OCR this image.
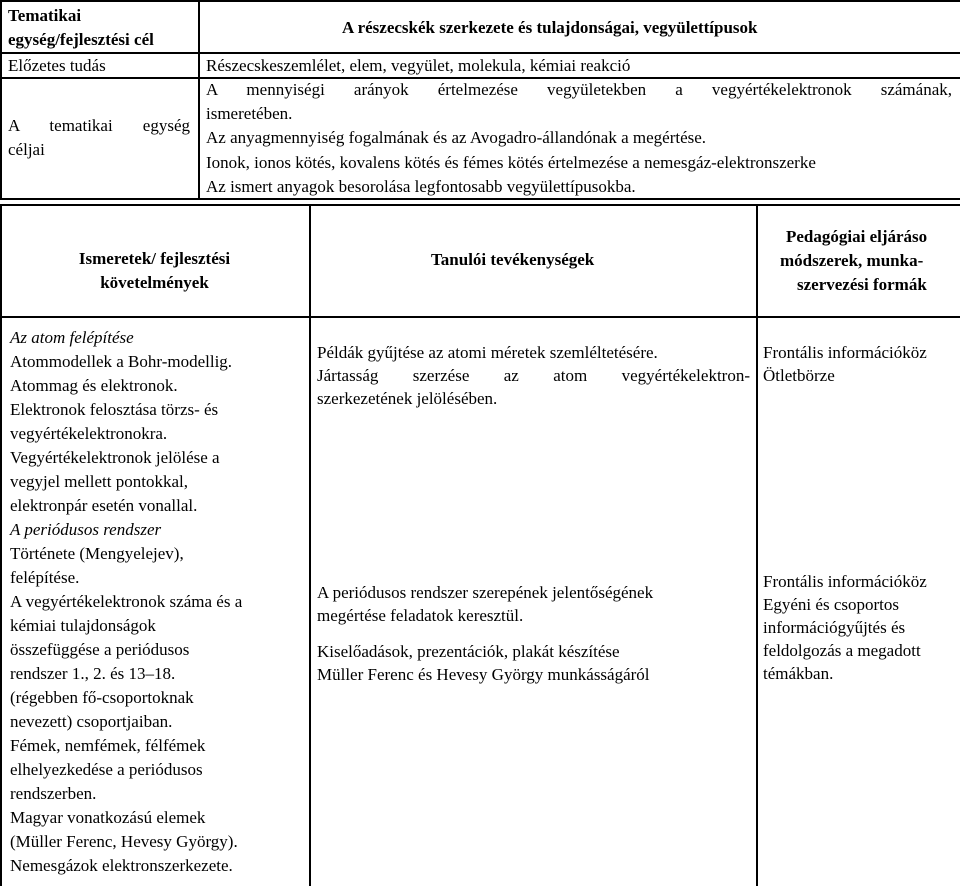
Tematikai
egység/fejlesztési cél
A részecskék szerkezete és tulajdonságai, vegyülettípusok
Előzetes tudás	Részecskeszemlélet, elem, vegyület, molekula, kémiai reakció
A tematikai egység
céljai
A mennyiségi arányok értelmezése vegyületekben a vegyértékelektronok számának,
ismeretében.
Az anyagmennyiség fogalmának és az Avogadro-állandónak a megértése.
Ionok, ionos kötés, kovalens kötés és fémes kötés értelmezése a nemesgáz-elektronszerke
Az ismert anyagok besorolása legfontosabb vegyülettípusokba.
Ismeretek/ fejlesztési
követelmények
Tanulói tevékenységek
Pedagógiai eljáráso
módszerek, munka-
szervezési formák
Az atom felépítése
Atommodellek a Bohr-modellig.
Atommag és elektronok.
Elektronok felosztása törzs- és
vegyértékelektronokra.
Vegyértékelektronok jelölése a
vegyjel mellett pontokkal,
elektronpár esetén vonallal.
A periódusos rendszer
Története (Mengyelejev),
felépítése.
A vegyértékelektronok száma és a
kémiai tulajdonságok
összefüggése a periódusos
rendszer 1., 2. és 13–18.
(régebben fő-csoportoknak
nevezett) csoportjaiban.
Fémek, nemfémek, félfémek
elhelyezkedése a periódusos
rendszerben.
Magyar vonatkozású elemek
(Müller Ferenc, Hevesy György).
Nemesgázok elektronszerkezete.
Példák gyűjtése az atomi méretek szemléltetésére.
Jártasság szerzése az atom vegyértékelektron-
szerkezetének jelölésében.
A periódusos rendszer szerepének jelentőségének
megértése feladatok keresztül.
Kiselőadások, prezentációk, plakát készítése
Müller Ferenc és Hevesy György munkásságáról
Frontális információköz
Ötletbörze
Frontális információköz
Egyéni és csoportos
információgyűjtés és
feldolgozás a megadott
témákban.
